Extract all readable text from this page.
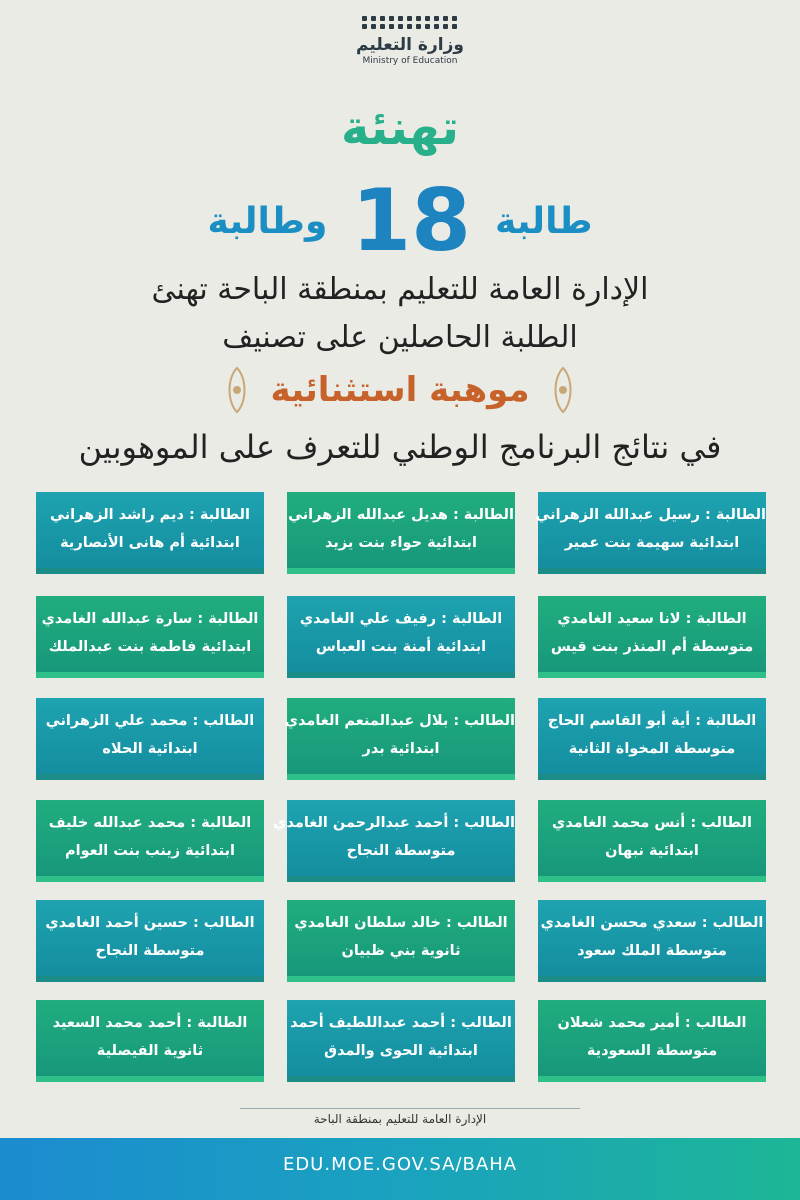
وزارة التعليم
Ministry of Education
تهنئة
طالبة
18
وطالبة
الإدارة العامة للتعليم بمنطقة الباحة تهنئ
الطلبة الحاصلين على تصنيف
موهبة استثنائية
في نتائج البرنامج الوطني للتعرف على الموهوبين
الطالبة : رسيل عبدالله الزهراني
ابتدائية سهيمة بنت عمير
الطالبة : هديل عبدالله الزهراني
ابتدائية حواء بنت يزيد
الطالبة : ديم راشد الزهراني
ابتدائية أم هانى الأنصارية
الطالبة : لانا سعيد الغامدي
متوسطة أم المنذر بنت قيس
الطالبة : رفيف علي الغامدي
ابتدائية أمنة بنت العباس
الطالبة : سارة عبدالله الغامدي
ابتدائية فاطمة بنت عبدالملك
الطالبة : أية أبو القاسم الحاج
متوسطة المخواة الثانية
الطالب : بلال عبدالمنعم الغامدي
ابتدائية بدر
الطالب : محمد علي الزهراني
ابتدائية الحلاه
الطالب : أنس محمد الغامدي
ابتدائية نبهان
الطالب : أحمد عبدالرحمن الغامدي
متوسطة النجاح
الطالبة : محمد عبدالله خليف
ابتدائية زينب بنت العوام
الطالب : سعدي محسن الغامدي
متوسطة الملك سعود
الطالب : خالد سلطان الغامدي
ثانوية بني ظبيان
الطالب : حسين أحمد الغامدي
متوسطة النجاح
الطالب : أمير محمد شعلان
متوسطة السعودية
الطالب : أحمد عبداللطيف أحمد
ابتدائية الحوى والمدق
الطالبة : أحمد محمد السعيد
ثانوية الفيصلية
الإدارة العامة للتعليم بمنطقة الباحة
EDU.MOE.GOV.SA/BAHA
